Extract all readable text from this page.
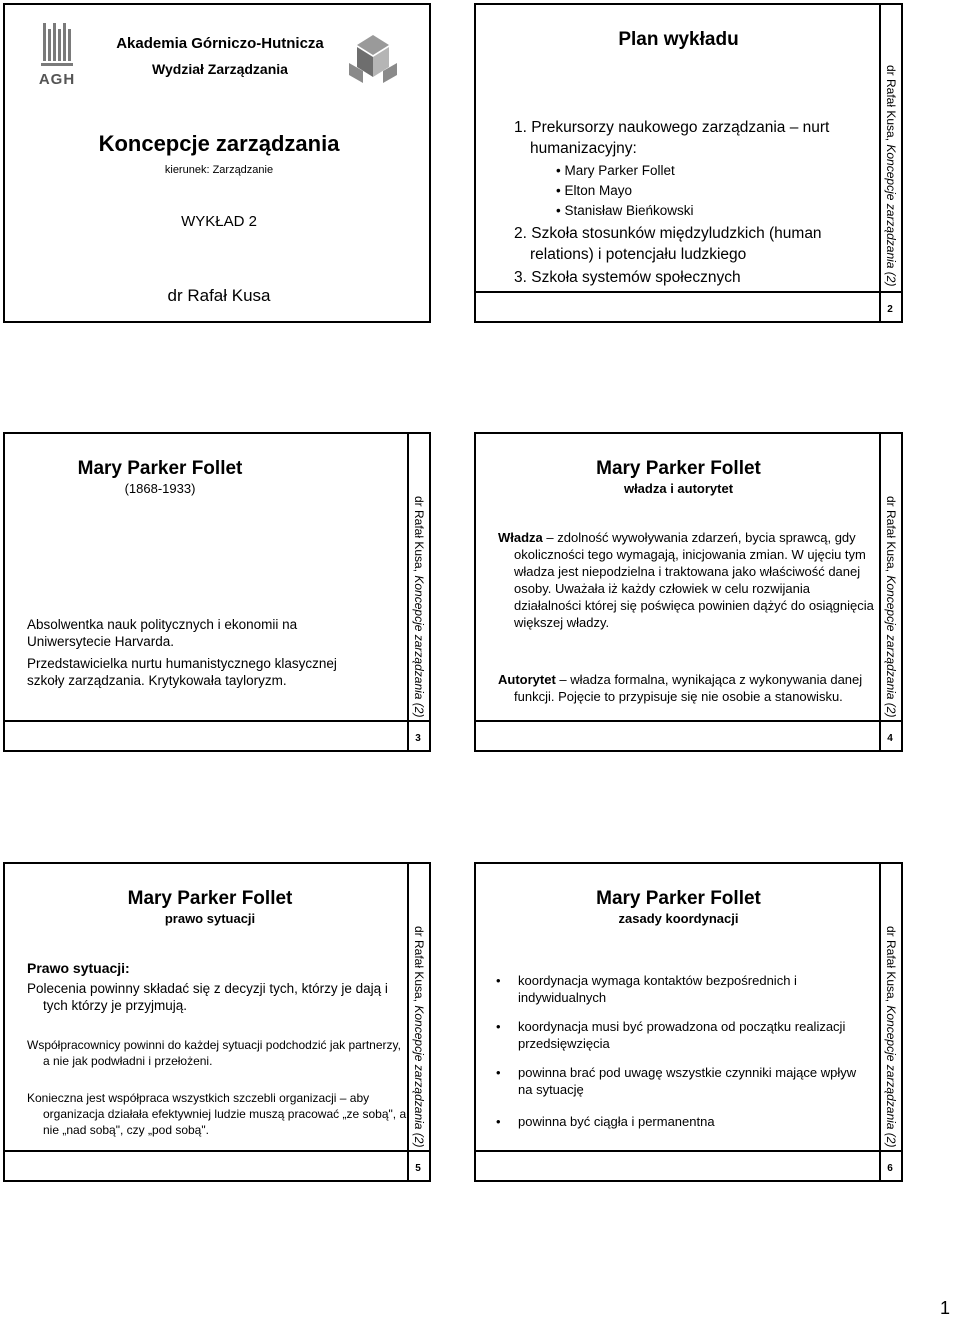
AGH
Akademia Górniczo-Hutnicza
Wydział Zarządzania
Koncepcje zarządzania
kierunek: Zarządzanie
WYKŁAD 2
dr Rafał Kusa
Plan wykładu
1. Prekursorzy naukowego zarządzania – nurt
humanizacyjny:
• Mary Parker Follet
• Elton Mayo
• Stanisław Bieńkowski
2. Szkoła stosunków międzyludzkich (human
relations) i potencjału ludzkiego
3. Szkoła systemów społecznych
dr Rafał Kusa, Koncepcje zarządzania (2)
2
Mary Parker Follet
(1868-1933)
Absolwentka nauk politycznych i ekonomii na
Uniwersytecie Harvarda.
Przedstawicielka nurtu humanistycznego klasycznej
szkoły zarządzania. Krytykowała tayloryzm.
dr Rafał Kusa, Koncepcje zarządzania (2)
3
Mary Parker Follet
władza i autorytet
Władza – zdolność wywoływania zdarzeń, bycia sprawcą, gdy okoliczności tego wymagają, inicjowania zmian. W ujęciu tym władza jest niepodzielna i traktowana jako właściwość danej osoby. Uważała iż każdy człowiek w celu rozwijania działalności której się poświęca powinien dążyć do osiągnięcia większej władzy.
Autorytet – władza formalna, wynikająca z wykonywania danej funkcji. Pojęcie to przypisuje się nie osobie a stanowisku.
dr Rafał Kusa, Koncepcje zarządzania (2)
4
Mary Parker Follet
prawo sytuacji
Prawo sytuacji:
Polecenia powinny składać się z decyzji tych, którzy je dają i tych którzy je przyjmują.
Współpracownicy powinni do każdej sytuacji podchodzić jak partnerzy, a nie jak podwładni i przełożeni.
Konieczna jest współpraca wszystkich szczebli organizacji – aby organizacja działała efektywniej ludzie muszą pracować „ze sobą", a nie „nad sobą", czy „pod sobą".
dr Rafał Kusa, Koncepcje zarządzania (2)
5
Mary Parker Follet
zasady koordynacji
•	koordynacja wymaga kontaktów bezpośrednich i indywidualnych
•	koordynacja musi być prowadzona od początku realizacji przedsięwzięcia
•	powinna brać pod uwagę wszystkie czynniki mające wpływ na sytuację
•	powinna być ciągła i permanentna
dr Rafał Kusa, Koncepcje zarządzania (2)
6
1
